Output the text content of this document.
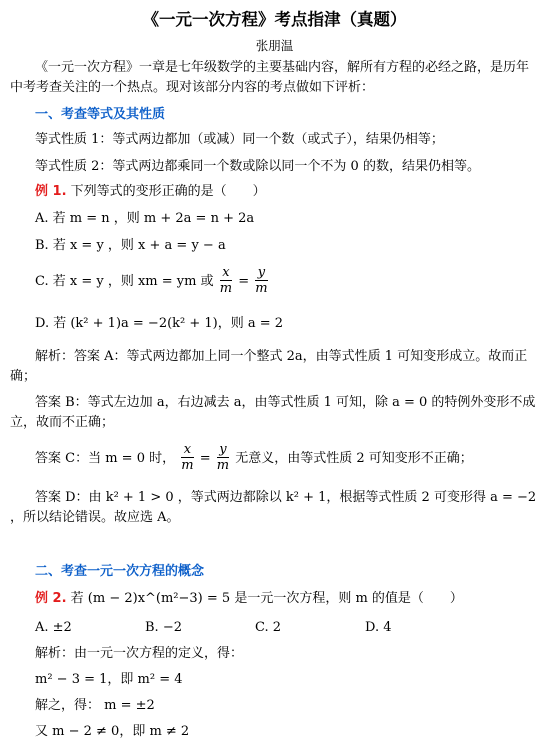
《一元一次方程》考点指津（真题）
张朋温
《一元一次方程》一章是七年级数学的主要基础内容，解所有方程的必经之路，是历年中考考查关注的一个热点。现对该部分内容的考点做如下评析：
一、考查等式及其性质
等式性质 1：等式两边都加（或减）同一个数（或式子），结果仍相等；
等式性质 2：等式两边都乘同一个数或除以同一个不为 0 的数，结果仍相等。
例 1. 下列等式的变形正确的是（　　）
A. 若 m = n ，则 m + 2a = n + 2a
B. 若 x = y ，则 x + a = y − a
C. 若 x = y ，则 xm = ym 或 $\frac{x}{m} = \frac{y}{m}$
D. 若 (k² + 1)a = −2(k² + 1)，则 a = 2
解析：答案 A：等式两边都加上同一个整式 2a，由等式性质 1 可知变形成立。故而正确；
答案 B：等式左边加 a，右边减去 a，由等式性质 1 可知，除 a = 0 的特例外变形不成立，故而不正确；
答案 C：当 m = 0 时， $\frac{x}{m} = \frac{y}{m}$ 无意义，由等式性质 2 可知变形不正确；
答案 D：由 k² + 1 > 0 ，等式两边都除以 k² + 1，根据等式性质 2 可变形得 a = −2 ，所以结论错误。故应选 A。
二、考查一元一次方程的概念
例 2. 若 (m − 2)x^(m²−3) = 5 是一元一次方程，则 m 的值是（　　）
A. ±2	B. −2	C. 2	D. 4
解析：由一元一次方程的定义，得：
m² − 3 = 1，即 m² = 4
解之，得： m = ±2
又 m − 2 ≠ 0，即 m ≠ 2
